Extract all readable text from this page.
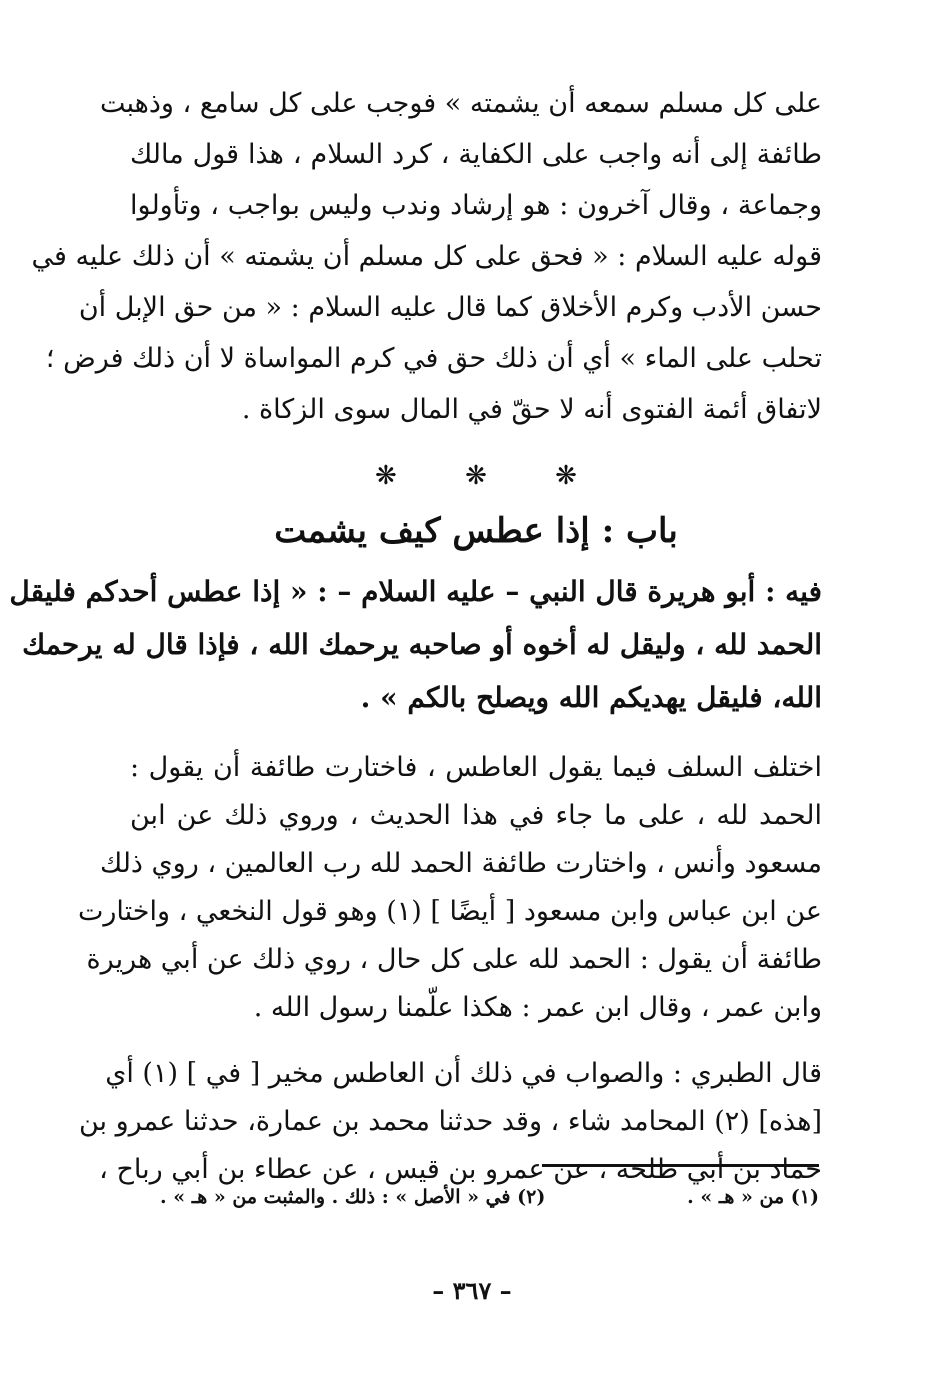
على كل مسلم سمعه أن يشمته » فوجب على كل سامع ، وذهبت
طائفة إلى أنه واجب على الكفاية ، كرد السلام ، هذا قول مالك
وجماعة ، وقال آخرون : هو إرشاد وندب وليس بواجب ، وتأولوا
قوله عليه السلام : « فحق على كل مسلم أن يشمته » أن ذلك عليه في
حسن الأدب وكرم الأخلاق كما قال عليه السلام : « من حق الإبل أن
تحلب على الماء » أي أن ذلك حق في كرم المواساة لا أن ذلك فرض ؛
لاتفاق أئمة الفتوى أنه لا حقّ في المال سوى الزكاة .
❋ ❋ ❋
باب : إذا عطس كيف يشمت
فيه : أبو هريرة قال النبي – عليه السلام – : « إذا عطس أحدكم فليقل
الحمد لله ، وليقل له أخوه أو صاحبه يرحمك الله ، فإذا قال له يرحمك
الله، فليقل يهديكم الله ويصلح بالكم » .
اختلف السلف فيما يقول العاطس ، فاختارت طائفة أن يقول :
الحمد لله ، على ما جاء في هذا الحديث ، وروي ذلك عن ابن
مسعود وأنس ، واختارت طائفة الحمد لله رب العالمين ، روي ذلك
عن ابن عباس وابن مسعود [ أيضًا ] (١) وهو قول النخعي ، واختارت
طائفة أن يقول : الحمد لله على كل حال ، روي ذلك عن أبي هريرة
وابن عمر ، وقال ابن عمر : هكذا علّمنا رسول الله .
قال الطبري : والصواب في ذلك أن العاطس مخير [ في ] (١) أي
[هذه] (٢) المحامد شاء ، وقد حدثنا محمد بن عمارة، حدثنا عمرو بن
حماد بن أبي طلحة ، عن عمرو بن قيس ، عن عطاء بن أبي رباح ،
(١) من « هـ » .
(٢) في « الأصل » : ذلك . والمثبت من « هـ » .
– ٣٦٧ –
